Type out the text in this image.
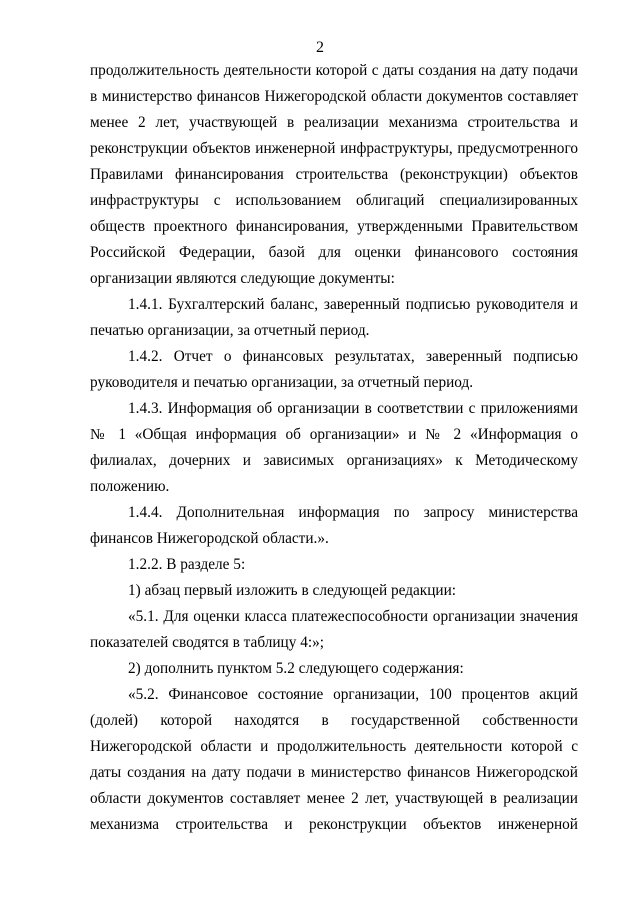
2

продолжительность деятельности которой с даты создания на дату подачи в министерство финансов Нижегородской области документов составляет менее 2 лет, участвующей в реализации механизма строительства и реконструкции объектов инженерной инфраструктуры, предусмотренного Правилами финансирования строительства (реконструкции) объектов инфраструктуры с использованием облигаций специализированных обществ проектного финансирования, утвержденными Правительством Российской Федерации, базой для оценки финансового состояния организации являются следующие документы:

1.4.1. Бухгалтерский баланс, заверенный подписью руководителя и печатью организации, за отчетный период.

1.4.2. Отчет о финансовых результатах, заверенный подписью руководителя и печатью организации, за отчетный период.

1.4.3. Информация об организации в соответствии с приложениями № 1 «Общая информация об организации» и № 2 «Информация о филиалах, дочерних и зависимых организациях» к Методическому положению.

1.4.4. Дополнительная информация по запросу министерства финансов Нижегородской области.».

1.2.2. В разделе 5:

1) абзац первый изложить в следующей редакции:

«5.1. Для оценки класса платежеспособности организации значения показателей сводятся в таблицу 4:»;

2) дополнить пунктом 5.2 следующего содержания:

«5.2. Финансовое состояние организации, 100 процентов акций (долей) которой находятся в государственной собственности Нижегородской области и продолжительность деятельности которой с даты создания на дату подачи в министерство финансов Нижегородской области документов составляет менее 2 лет, участвующей в реализации механизма строительства и реконструкции объектов инженерной
